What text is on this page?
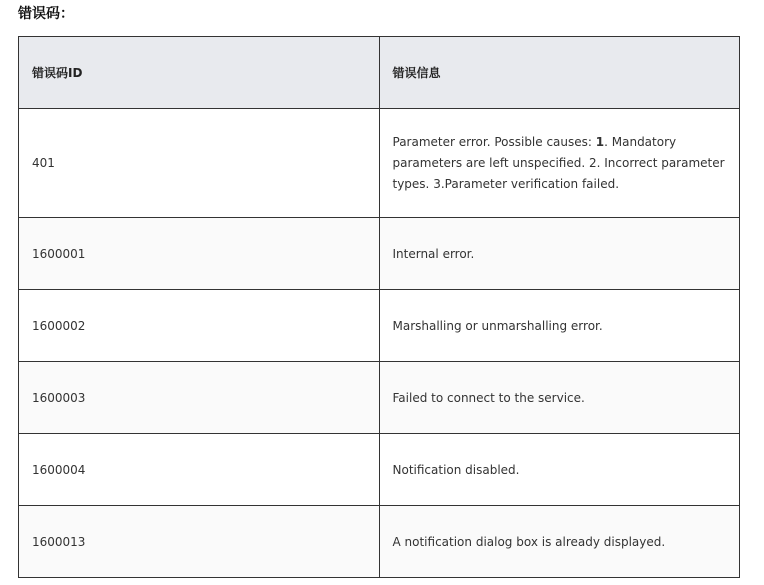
错误码：
错误码ID	错误信息
401	Parameter error. Possible causes: 1. Mandatory parameters are left unspecified. 2. Incorrect parameter types. 3.Parameter verification failed.

1600001	Internal error.
1600002	Marshalling or unmarshalling error.
1600003	Failed to connect to the service.
1600004	Notification disabled.
1600013	A notification dialog box is already displayed.
